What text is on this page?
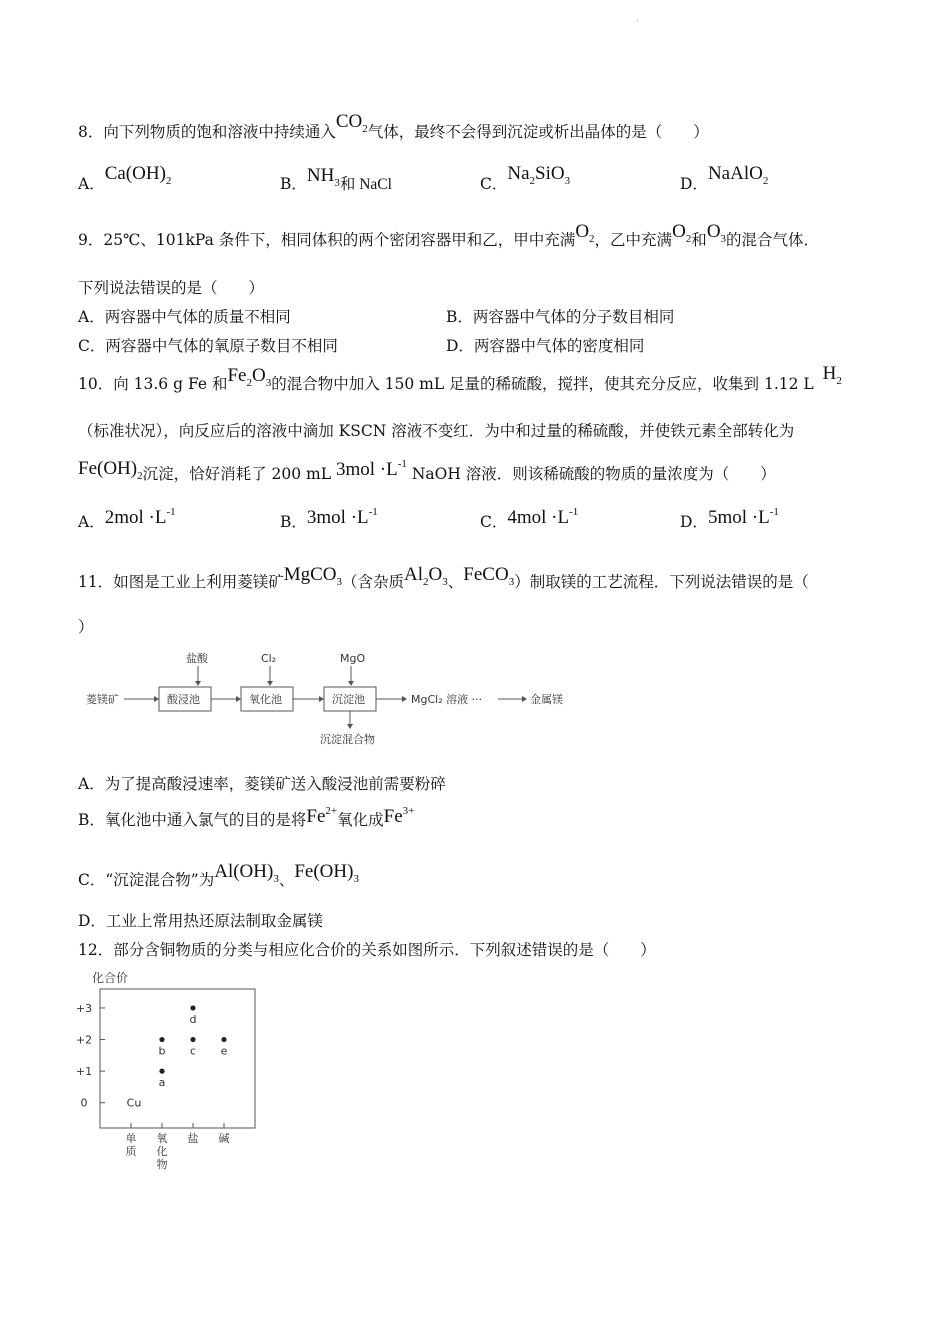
.
8．向下列物质的饱和溶液中持续通入$CO_2$气体，最终不会得到沉淀或析出晶体的是（　　）
A．$Ca(OH)_2$	B．$NH_3$和 NaCl	C．$Na_2SiO_3$	D．NaAlO$_2$
9．25℃、101kPa 条件下，相同体积的两个密闭容器甲和乙，甲中充满$O_2$，乙中充满$O_2$和$O_3$的混合气体．
下列说法错误的是（　　）
A．两容器中气体的质量不相同	B．两容器中气体的分子数目相同
C．两容器中气体的氧原子数目不相同	D．两容器中气体的密度相同
10．向 13.6 g Fe 和$Fe_2O_3$的混合物中加入 150 mL 足量的稀硫酸，搅拌，使其充分反应，收集到 1.12 L $H_2$
（标准状况），向反应后的溶液中滴加 KSCN 溶液不变红．为中和过量的稀硫酸，并使铁元素全部转化为
$Fe(OH)_2$沉淀，恰好消耗了 200 mL $3mol \cdot L^{-1}$ NaOH 溶液．则该稀硫酸的物质的量浓度为（　　）
A．$2mol \cdot L^{-1}$
B．$3mol \cdot L^{-1}$
C．$4mol \cdot L^{-1}$
D．$5mol \cdot L^{-1}$
11．如图是工业上利用菱镁矿MgCO$_3$（含杂质$Al_2O_3$、FeCO$_3$）制取镁的工艺流程．下列说法错误的是（
）
盐酸	Cl₂	MgO
菱镁矿	酸浸池	氧化池	沉淀池	MgCl₂ 溶液 ···	金属镁
沉淀混合物
A．为了提高酸浸速率，菱镁矿送入酸浸池前需要粉碎
B．氧化池中通入氯气的目的是将$Fe^{2+}$氧化成$Fe^{3+}$
C．“沉淀混合物”为$Al(OH)_3$、$Fe(OH)_3$
D．工业上常用热还原法制取金属镁
12．部分含铜物质的分类与相应化合价的关系如图所示．下列叙述错误的是（　　）
化合价
+3
+2
+1
0
单
质
氧
化
物
盐 碱
Cu
a
b c
d
e
